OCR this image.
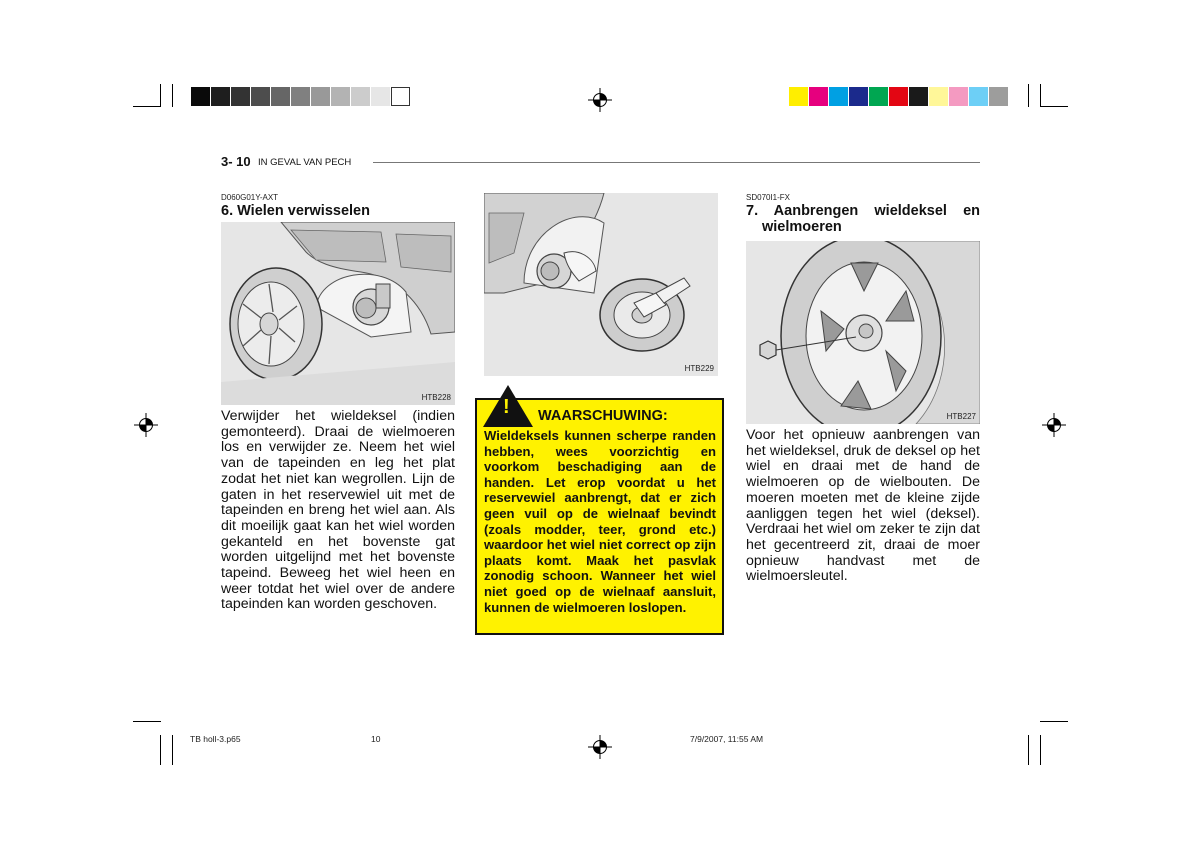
3- 10 IN GEVAL VAN PECH
D060G01Y-AXT
6. Wielen verwisselen
HTB228
Verwijder het wieldeksel (indien gemonteerd). Draai de wielmoeren los en verwijder ze. Neem het wiel van de tapeinden en leg het plat zodat het niet kan wegrollen. Lijn de gaten in het reservewiel uit met de tapeinden en breng het wiel aan. Als dit moeilijk gaat kan het wiel worden gekanteld en het bovenste gat worden uitgelijnd met het bovenste tapeind. Beweeg het wiel heen en weer totdat het wiel over de andere tapeinden kan worden geschoven.
HTB229
! WAARSCHUWING:
Wieldeksels kunnen scherpe randen hebben, wees voorzichtig en voorkom beschadiging aan de handen. Let erop voordat u het reservewiel aanbrengt, dat er zich geen vuil op de wielnaaf bevindt (zoals modder, teer, grond etc.) waardoor het wiel niet correct op zijn plaats komt. Maak het pasvlak zonodig schoon. Wanneer het wiel niet goed op de wielnaaf aansluit, kunnen de wielmoeren loslopen.
SD070I1-FX
7. Aanbrengen wieldeksel en
wielmoeren
HTB227
Voor het opnieuw aanbrengen van het wieldeksel, druk de deksel op het wiel en draai met de hand de wielmoeren op de wielbouten. De moeren moeten met de kleine zijde aanliggen tegen het wiel (deksel). Verdraai het wiel om zeker te zijn dat het gecentreerd zit, draai de moer opnieuw handvast met de wielmoersleutel.
TB holl-3.p65	10	7/9/2007, 11:55 AM
